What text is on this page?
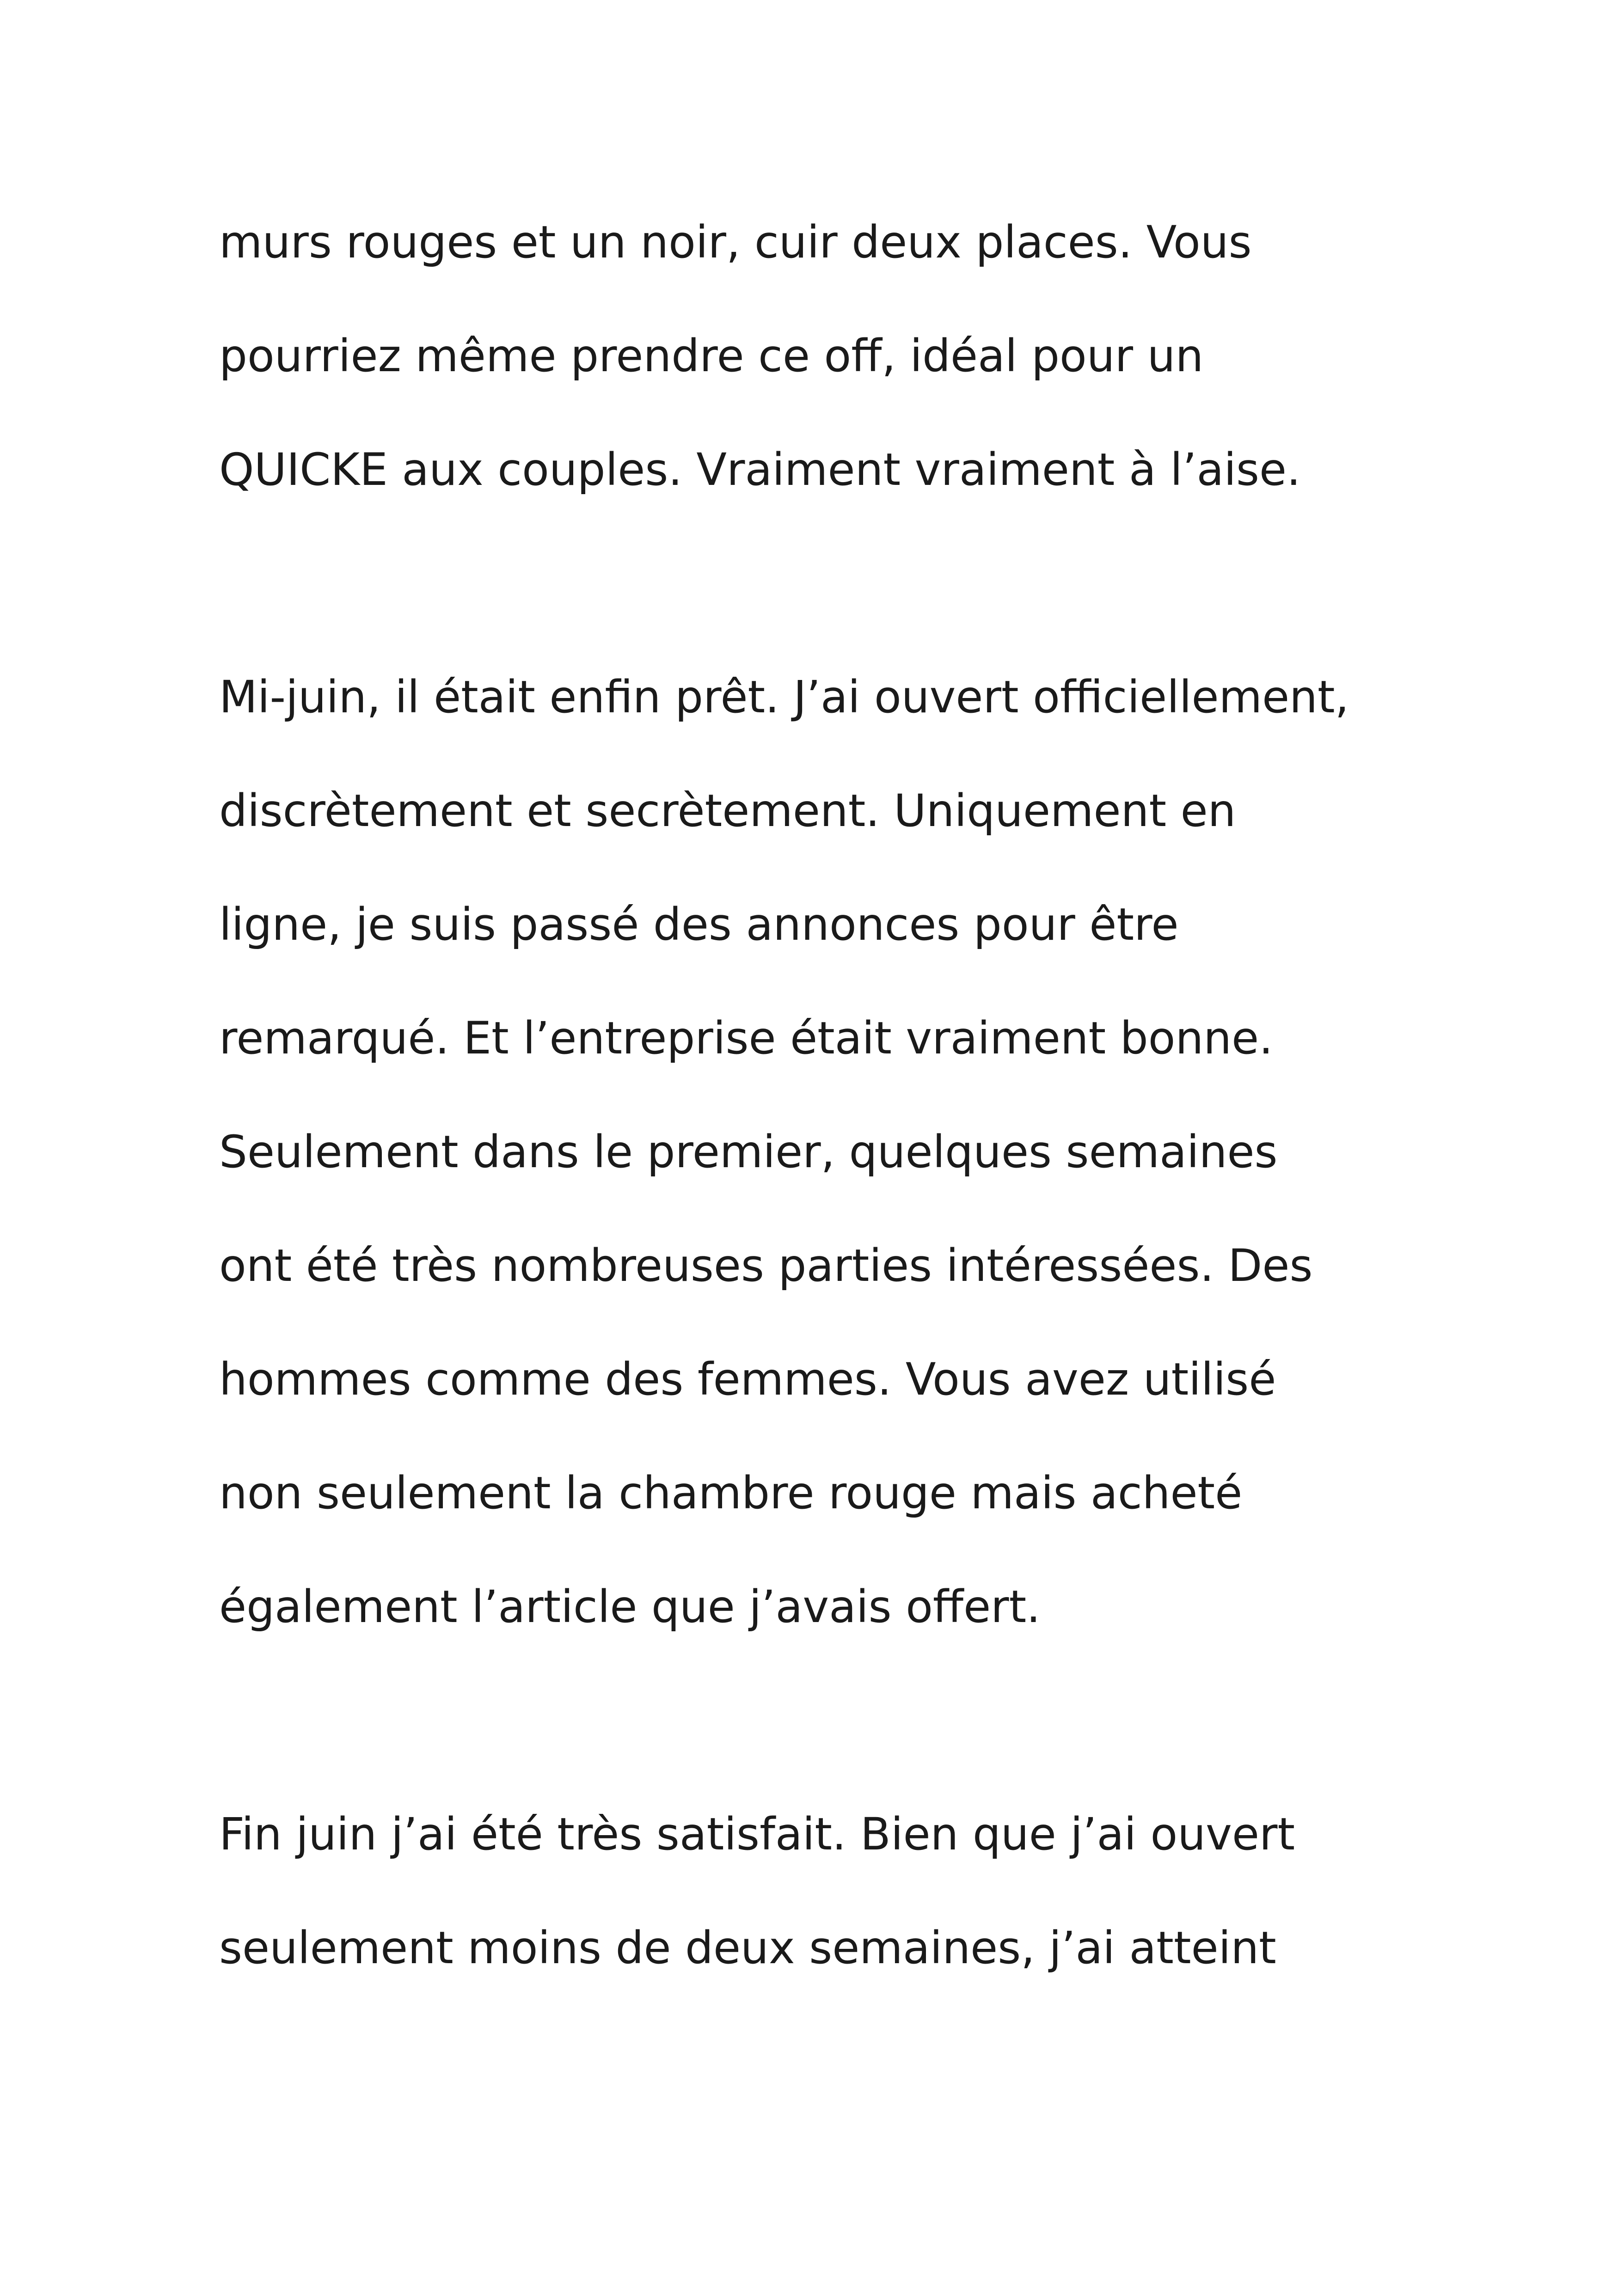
murs rouges et un noir, cuir deux places. Vous
pourriez même prendre ce off, idéal pour un
QUICKE aux couples. Vraiment vraiment à l’aise.
Mi-juin, il était enfin prêt. J’ai ouvert officiellement,
discrètement et secrètement. Uniquement en
ligne, je suis passé des annonces pour être
remarqué. Et l’entreprise était vraiment bonne.
Seulement dans le premier, quelques semaines
ont été très nombreuses parties intéressées. Des
hommes comme des femmes. Vous avez utilisé
non seulement la chambre rouge mais acheté
également l’article que j’avais offert.
Fin juin j’ai été très satisfait. Bien que j’ai ouvert
seulement moins de deux semaines, j’ai atteint
